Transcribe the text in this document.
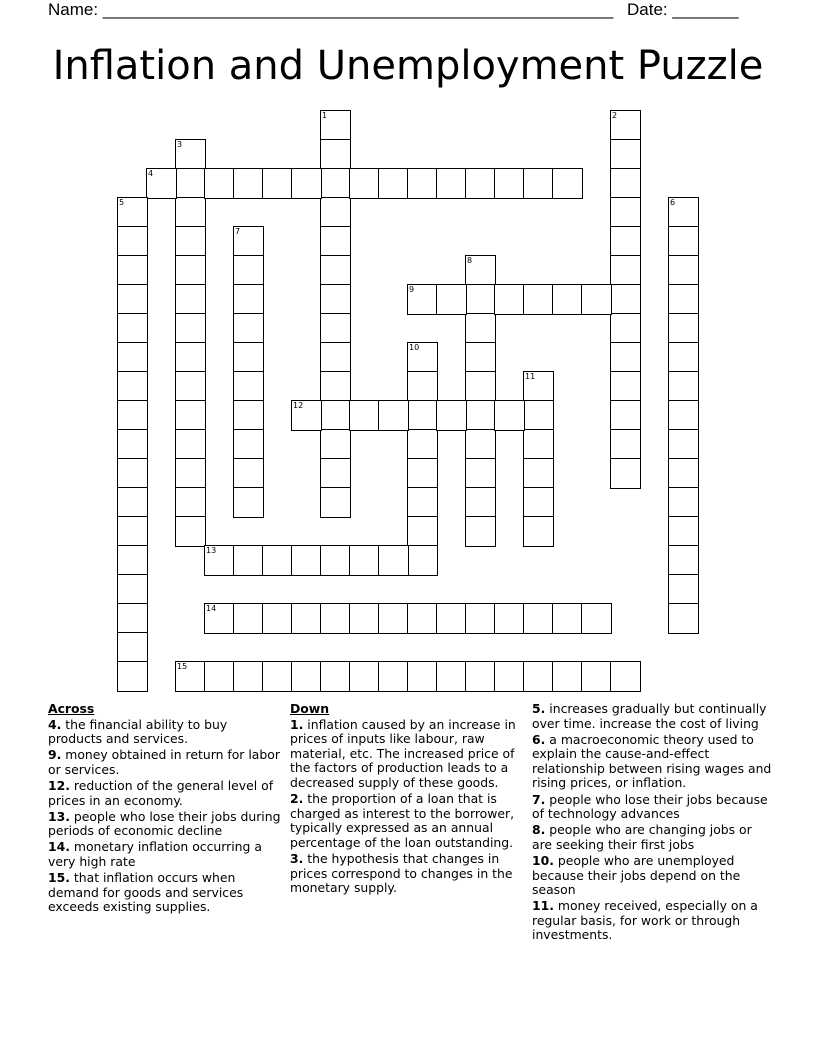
Name: ______________________________________________________ Date: _______
Inflation and Unemployment Puzzle
1	2
3
4
5	6
7
8
9
10
11
12
13
14
15
Across
4. the financial ability to buy products and services.
9. money obtained in return for labor or services.
12. reduction of the general level of prices in an economy.
13. people who lose their jobs during periods of economic decline
14. monetary inflation occurring a very high rate
15. that inflation occurs when demand for goods and services exceeds existing supplies.
Down
1. inflation caused by an increase in prices of inputs like labour, raw material, etc. The increased price of the factors of production leads to a decreased supply of these goods.
2. the proportion of a loan that is charged as interest to the borrower, typically expressed as an annual percentage of the loan outstanding.
3. the hypothesis that changes in prices correspond to changes in the monetary supply.
5. increases gradually but continually over time. increase the cost of living
6. a macroeconomic theory used to explain the cause-and-effect relationship between rising wages and rising prices, or inflation.
7. people who lose their jobs because of technology advances
8. people who are changing jobs or are seeking their first jobs
10. people who are unemployed because their jobs depend on the season
11. money received, especially on a regular basis, for work or through investments.
